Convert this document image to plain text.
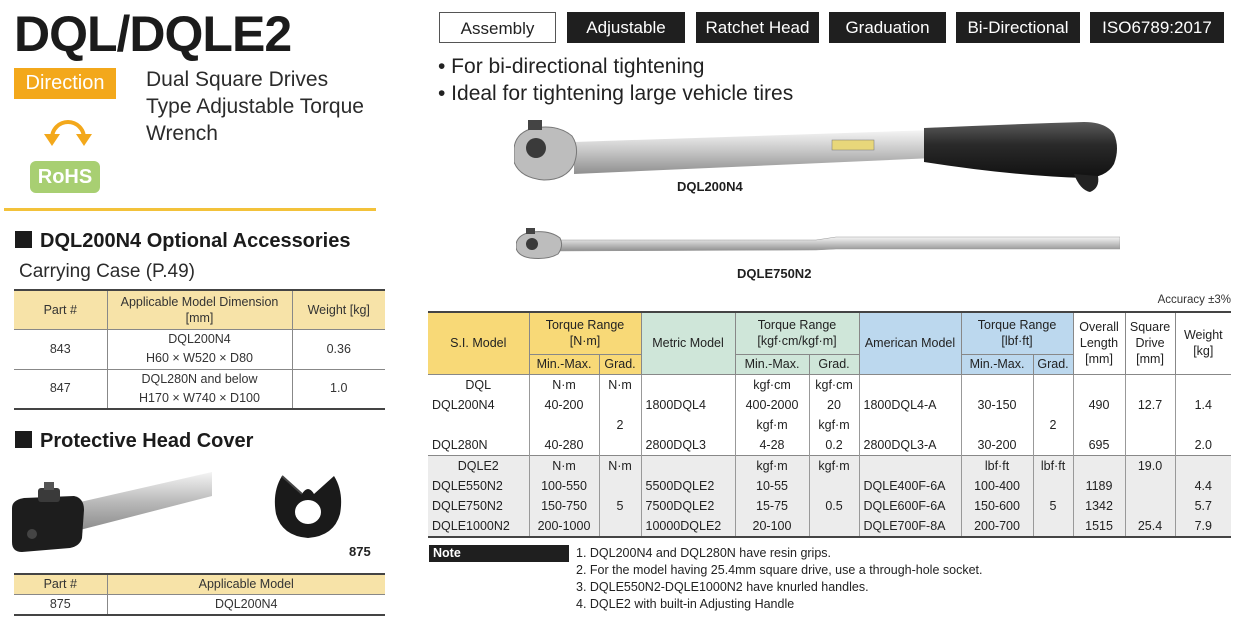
DQL/DQLE2
Direction
RoHS
Dual Square Drives
Type Adjustable Torque
Wrench
DQL200N4 Optional Accessories
Carrying Case (P.49)
Part #	Applicable Model Dimension [mm]	Weight [kg]
843	DQL200N4
H60 × W520 × D80	0.36
847	DQL280N and below
H170 × W740 × D100	1.0
Protective Head Cover
875
Part #	Applicable Model
875	DQL200N4
Assembly	Adjustable	Ratchet Head	Graduation	Bi-Directional	ISO6789:2017
• For bi-directional tightening
• Ideal for tightening large vehicle tires
DQL200N4
DQLE750N2
Accuracy ±3%
S.I. Model	Torque Range [N·m]		Metric Model	Torque Range [kgf·cm/kgf·m]		American Model	Torque Range [lbf·ft]		Overall Length [mm]	Square Drive [mm]	Weight [kg]
	Min.-Max.	Grad.		Min.-Max.	Grad.		Min.-Max.	Grad.			
DQL	N·m	N·m		kgf·cm	kgf·cm						
DQL200N4	40-200		1800DQL4	400-2000	20	1800DQL4-A	30-150		490	12.7	1.4
		2		kgf·m	kgf·m			2			
DQL280N	40-280		2800DQL3	4-28	0.2	2800DQL3-A	30-200		695		2.0
DQLE2	N·m	N·m		kgf·m	kgf·m		lbf·ft	lbf·ft		19.0	
DQLE550N2	100-550		5500DQLE2	10-55		DQLE400F-6A	100-400		1189		4.4
DQLE750N2	150-750	5	7500DQLE2	15-75	0.5	DQLE600F-6A	150-600	5	1342		5.7
DQLE1000N2	200-1000		10000DQLE2	20-100		DQLE700F-8A	200-700		1515	25.4	7.9
Note	1. DQL200N4 and DQL280N have resin grips.
2. For the model having 25.4mm square drive, use a through-hole socket.
3. DQLE550N2-DQLE1000N2 have knurled handles.
4. DQLE2 with built-in Adjusting Handle
